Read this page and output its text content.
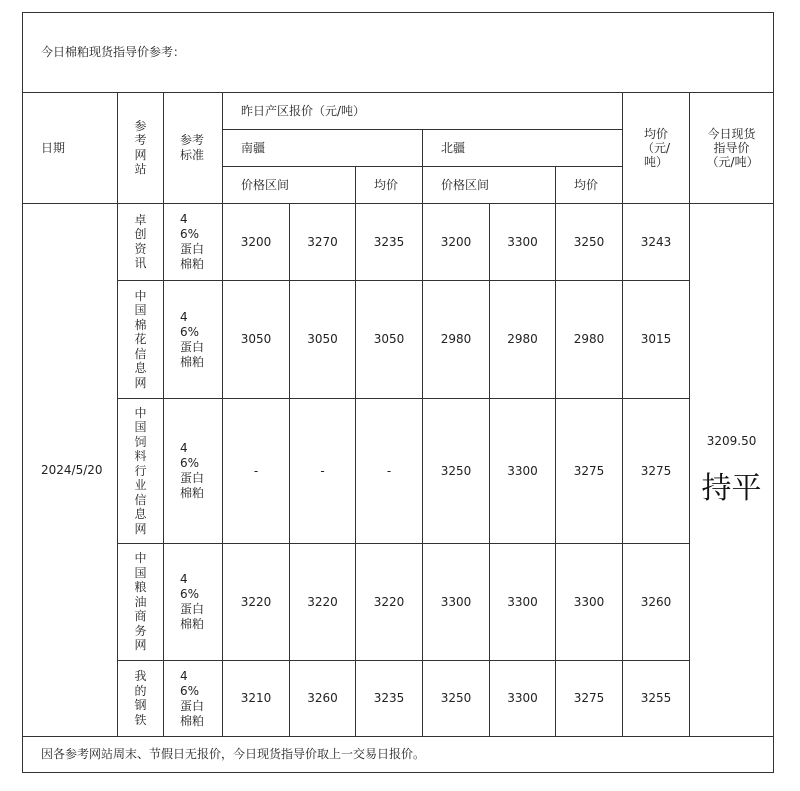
今日棉粕现货指导价参考：										
日期	参考网站	参考标准	昨日产区报价（元/吨）						均价（元/吨）	今日现货指导价（元/吨）
			南疆			北疆				
			价格区间		均价	价格区间		均价		
2024/5/20	卓创资讯	46%蛋白棉粕	3200	3270	3235	3200	3300	3250	3243	3209.50
持平

	中国棉花信息网	46%蛋白棉粕	3050	3050	3050	2980	2980	2980	3015	
	中国饲料行业信息网	46%蛋白棉粕	-	-	-	3250	3300	3275	3275	
	中国粮油商务网	46%蛋白棉粕	3220	3220	3220	3300	3300	3300	3260	
	我的钢铁	46%蛋白棉粕	3210	3260	3235	3250	3300	3275	3255	
因各参考网站周末、节假日无报价，今日现货指导价取上一交易日报价。										
